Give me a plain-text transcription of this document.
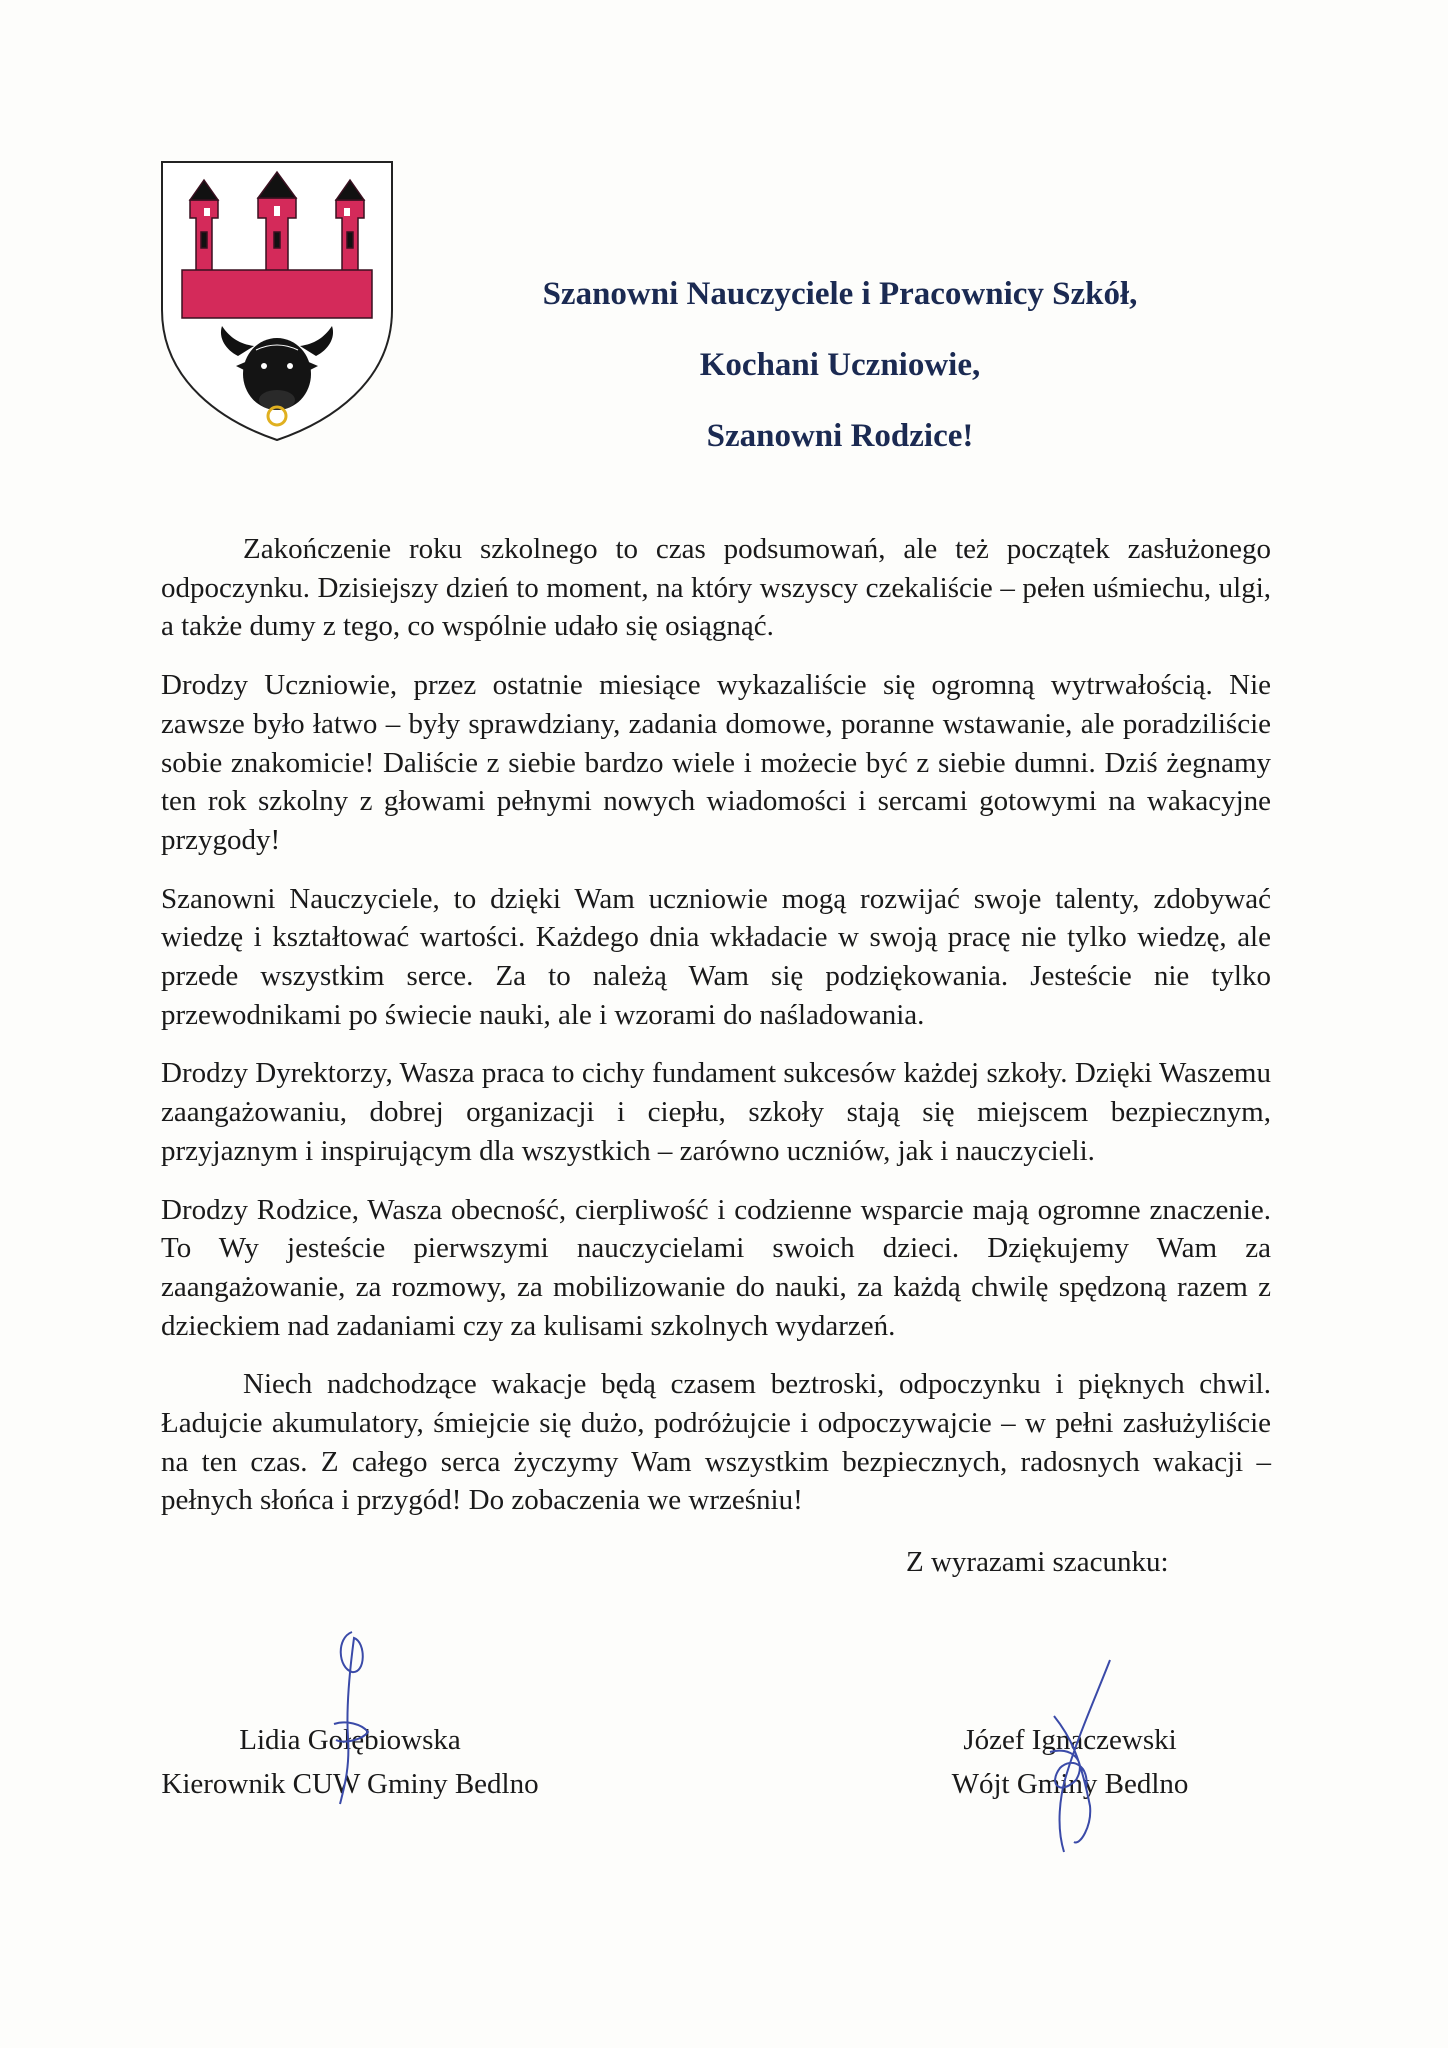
Szanowni Nauczyciele i Pracownicy Szkół,
Kochani Uczniowie,
Szanowni Rodzice!

Zakończenie roku szkolnego to czas podsumowań, ale też początek zasłużonego odpoczynku. Dzisiejszy dzień to moment, na który wszyscy czekaliście – pełen uśmiechu, ulgi, a także dumy z tego, co wspólnie udało się osiągnąć.

Drodzy Uczniowie, przez ostatnie miesiące wykazaliście się ogromną wytrwałością. Nie zawsze było łatwo – były sprawdziany, zadania domowe, poranne wstawanie, ale poradziliście sobie znakomicie! Daliście z siebie bardzo wiele i możecie być z siebie dumni. Dziś żegnamy ten rok szkolny z głowami pełnymi nowych wiadomości i sercami gotowymi na wakacyjne przygody!

Szanowni Nauczyciele, to dzięki Wam uczniowie mogą rozwijać swoje talenty, zdobywać wiedzę i kształtować wartości. Każdego dnia wkładacie w swoją pracę nie tylko wiedzę, ale przede wszystkim serce. Za to należą Wam się podziękowania. Jesteście nie tylko przewodnikami po świecie nauki, ale i wzorami do naśladowania.

Drodzy Dyrektorzy, Wasza praca to cichy fundament sukcesów każdej szkoły. Dzięki Waszemu zaangażowaniu, dobrej organizacji i ciepłu, szkoły stają się miejscem bezpiecznym, przyjaznym i inspirującym dla wszystkich – zarówno uczniów, jak i nauczycieli.

Drodzy Rodzice, Wasza obecność, cierpliwość i codzienne wsparcie mają ogromne znaczenie. To Wy jesteście pierwszymi nauczycielami swoich dzieci. Dziękujemy Wam za zaangażowanie, za rozmowy, za mobilizowanie do nauki, za każdą chwilę spędzoną razem z dzieckiem nad zadaniami czy za kulisami szkolnych wydarzeń.

Niech nadchodzące wakacje będą czasem beztroski, odpoczynku i pięknych chwil. Ładujcie akumulatory, śmiejcie się dużo, podróżujcie i odpoczywajcie – w pełni zasłużyliście na ten czas. Z całego serca życzymy Wam wszystkim bezpiecznych, radosnych wakacji – pełnych słońca i przygód! Do zobaczenia we wrześniu!

Z wyrazami szacunku:
Lidia Gołębiowska
Kierownik CUW Gminy Bedlno
Józef Ignaczewski
Wójt Gminy Bedlno
